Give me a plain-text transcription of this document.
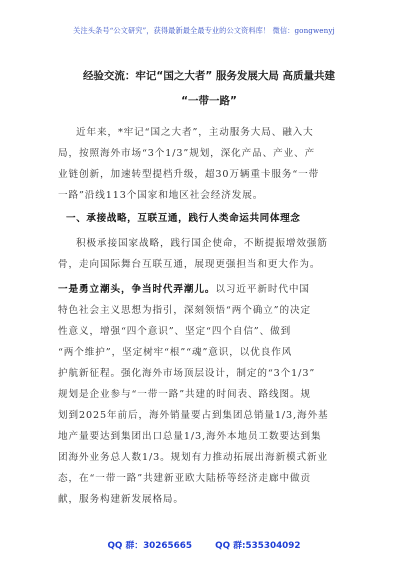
关注头条号“公文研究”，获得最新最全最专业的公文资料库！ 微信：gongwenyj
经验交流：牢记“国之大者” 服务发展大局 高质量共建
“一带一路”
近年来，*牢记“国之大者”，主动服务大局、融入大
局，按照海外市场“3个1/3”规划，深化产品、产业、产
业链创新，加速转型提档升级，超30万辆重卡服务“一带
一路”沿线113个国家和地区社会经济发展。
一、承接战略，互联互通，践行人类命运共同体理念
积极承接国家战略，践行国企使命，不断提振增效强筋
骨，走向国际舞台互联互通，展现更强担当和更大作为。
一是勇立潮头，争当时代弄潮儿。以习近平新时代中国
特色社会主义思想为指引，深刻领悟“两个确立”的决定
性意义，增强“四个意识”、坚定“四个自信”、做到
“两个维护”，坚定树牢“根”“魂”意识，以优良作风
护航新征程。强化海外市场顶层设计，制定的“3个1/3”
规划是企业参与“一带一路”共建的时间表、路线图。规
划到2025年前后，海外销量要占到集团总销量1/3,海外基
地产量要达到集团出口总量1/3,海外本地员工数要达到集
团海外业务总人数1/3。规划有力推动拓展出海新模式新业
态，在“一带一路”共建新亚欧大陆桥等经济走廊中做贡
献，服务构建新发展格局。
QQ 群：30265665	QQ 群:535304092
